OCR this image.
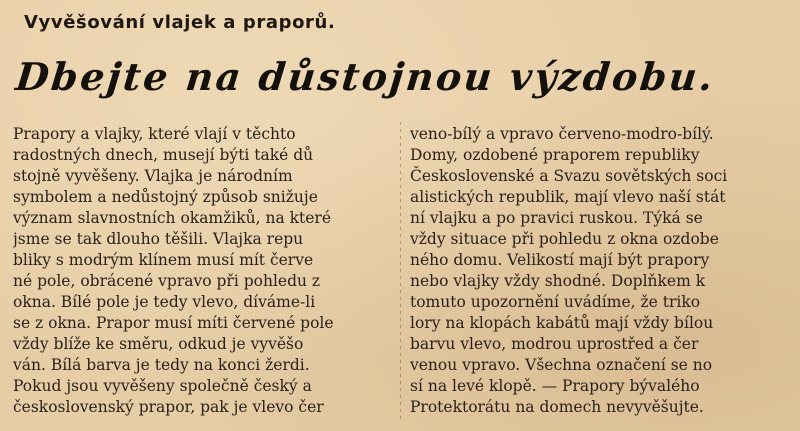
Vyvěšování vlajek a praporů.
Dbejte na důstojnou výzdobu.
Prapory a vlajky, které vlají v těchto
radostných dnech, musejí býti také dů
stojně vyvěšeny. Vlajka je národním
symbolem a nedůstojný způsob snižuje
význam slavnostních okamžiků, na které
jsme se tak dlouho těšili. Vlajka repu
bliky s modrým klínem musí mít červe
né pole, obrácené vpravo při pohledu z
okna. Bílé pole je tedy vlevo, díváme-li
se z okna. Prapor musí míti červené pole
vždy blíže ke směru, odkud je vyvěšo
ván. Bílá barva je tedy na konci žerdi.
Pokud jsou vyvěšeny společně český a
československý prapor, pak je vlevo čer
veno-bílý a vpravo červeno-modro-bílý.
Domy, ozdobené praporem republiky
Československé a Svazu sovětských soci
alistických republik, mají vlevo naší stát
ní vlajku a po pravici ruskou. Týká se
vždy situace při pohledu z okna ozdobe
ného domu. Velikostí mají být prapory
nebo vlajky vždy shodné. Doplňkem k
tomuto upozornění uvádíme, že triko
lory na klopách kabátů mají vždy bílou
barvu vlevo, modrou uprostřed a čer
venou vpravo. Všechna označení se no
sí na levé klopě. — Prapory bývalého
Protektorátu na domech nevyvěšujte.
